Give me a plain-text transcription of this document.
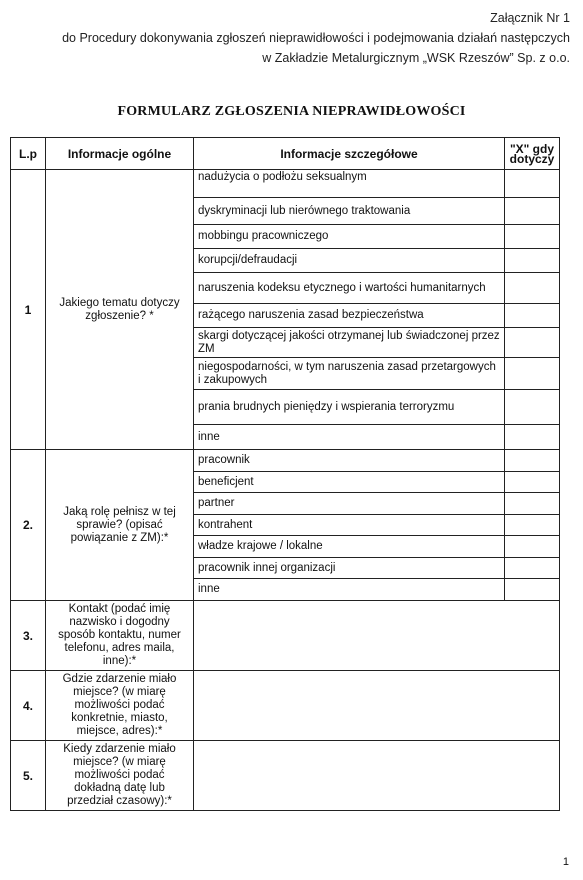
Załącznik Nr 1
do Procedury dokonywania zgłoszeń nieprawidłowości i podejmowania działań następczych
w Zakładzie Metalurgicznym „WSK Rzeszów” Sp. z o.o.
FORMULARZ ZGŁOSZENIA NIEPRAWIDŁOWOŚCI
L.p	Informacje ogólne	Informacje szczegółowe	"X" gdy dotyczy
1	Jakiego tematu dotyczy zgłoszenie? *	nadużycia o podłożu seksualnym	
		dyskryminacji lub nierównego traktowania	
		mobbingu pracowniczego	
		korupcji/defraudacji	
		naruszenia kodeksu etycznego i wartości humanitarnych	
		rażącego naruszenia zasad bezpieczeństwa	
		skargi dotyczącej jakości otrzymanej lub świadczonej przez ZM	
		niegospodarności, w tym naruszenia zasad przetargowych i zakupowych	
		prania brudnych pieniędzy i wspierania terroryzmu	
		inne	
2.	Jaką rolę pełnisz w tej sprawie? (opisać powiązanie z ZM):*	pracownik	
		beneficjent	
		partner	
		kontrahent	
		władze krajowe / lokalne	
		pracownik innej organizacji	
		inne	
3.	Kontakt (podać imię nazwisko i dogodny sposób kontaktu, numer telefonu, adres maila, inne):*		
4.	Gdzie zdarzenie miało miejsce? (w miarę możliwości podać konkretnie, miasto, miejsce, adres):*		
5.	Kiedy zdarzenie miało miejsce? (w miarę możliwości podać dokładną datę lub przedział czasowy):*		
1
